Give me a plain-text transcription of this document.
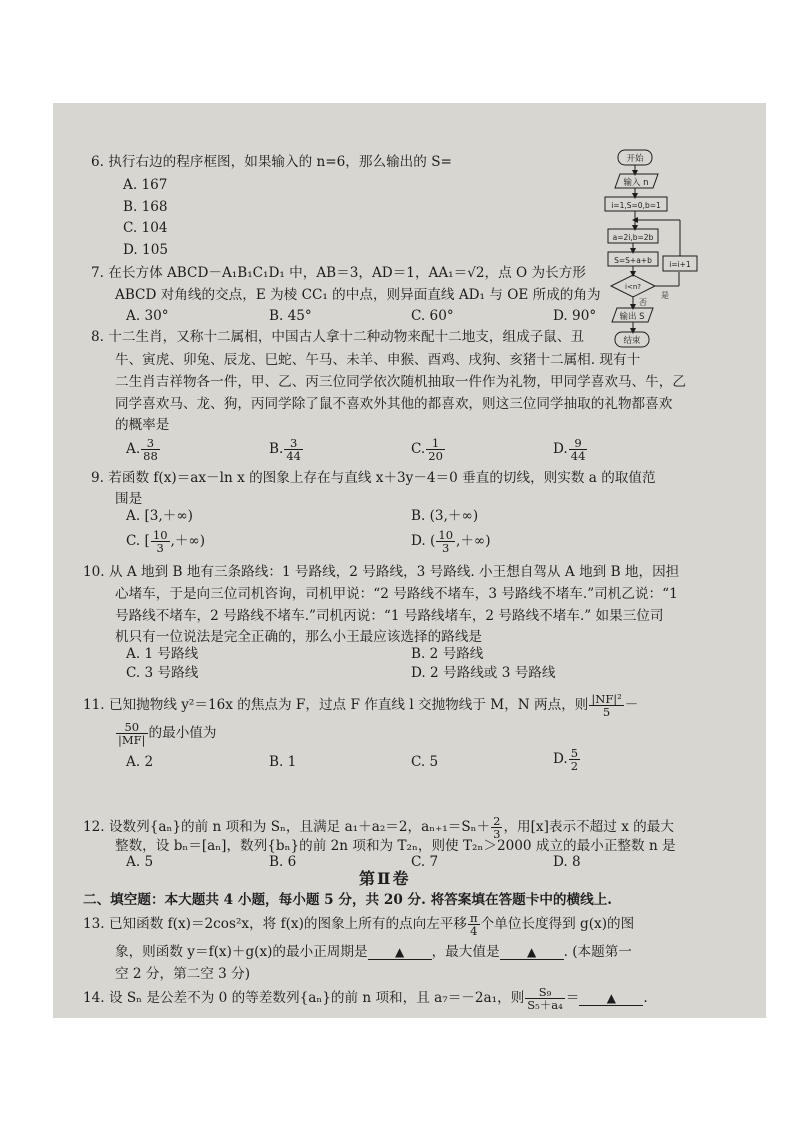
6. 执行右边的程序框图，如果输入的 n=6，那么输出的 S=
A. 167
B. 168
C. 104
D. 105
开始
输入 n
i=1,S=0,b=1
a=2i,b=2b
S=S+a+b i=i+1
i<n?
是
否
输出 S
结束
7. 在长方体 ABCD－A₁B₁C₁D₁ 中，AB＝3，AD＝1，AA₁＝√2，点 O 为长方形
ABCD 对角线的交点，E 为棱 CC₁ 的中点，则异面直线 AD₁ 与 OE 所成的角为
A. 30°	B. 45°	C. 60°	D. 90°
8. 十二生肖，又称十二属相，中国古人拿十二种动物来配十二地支，组成子鼠、丑
牛、寅虎、卯兔、辰龙、巳蛇、午马、未羊、申猴、酉鸡、戌狗、亥猪十二属相. 现有十
二生肖吉祥物各一件，甲、乙、丙三位同学依次随机抽取一件作为礼物，甲同学喜欢马、牛，乙
同学喜欢马、龙、狗，丙同学除了鼠不喜欢外其他的都喜欢，则这三位同学抽取的礼物都喜欢
的概率是
A. $\frac{3}{88}$	B. $\frac{3}{44}$	C. $\frac{1}{20}$	D. $\frac{9}{44}$
9. 若函数 f(x)＝ax－ln x 的图象上存在与直线 x＋3y－4＝0 垂直的切线，则实数 a 的取值范
围是
A. [3,＋∞)	B. (3,＋∞)
C. [ $\frac{10}{3}$ ,＋∞)	D. ( $\frac{10}{3}$ ,＋∞)
10. 从 A 地到 B 地有三条路线：1 号路线，2 号路线，3 号路线. 小王想自驾从 A 地到 B 地，因担
心堵车，于是向三位司机咨询，司机甲说：“2 号路线不堵车，3 号路线不堵车.”司机乙说：“1
号路线不堵车，2 号路线不堵车.”司机丙说：“1 号路线堵车，2 号路线不堵车.” 如果三位司
机只有一位说法是完全正确的，那么小王最应该选择的路线是
A. 1 号路线	B. 2 号路线
C. 3 号路线	D. 2 号路线或 3 号路线
11. 已知抛物线 y²＝16x 的焦点为 F，过点 F 作直线 l 交抛物线于 M，N 两点，则 $\frac{\text{|NF|²}}{5}$ －
$\frac{50}{|MF|}$ 的最小值为
A. 2	B. 1	C. 5	D. $\frac{5}{2}$
12. 设数列{aₙ}的前 n 项和为 Sₙ，且满足 a₁＋a₂＝2，$a_{n+1}=S_n+ \frac{2}{3}$ ，用[x]表示不超过 x 的最大
整数，设 bₙ＝[aₙ]，数列{bₙ}的前 2n 项和为 T₂ₙ，则使 T₂ₙ＞2000 成立的最小正整数 n 是
A. 5	B. 6	C. 7	D. 8
第Ⅱ卷
二、填空题：本大题共 4 小题，每小题 5 分，共 20 分. 将答案填在答题卡中的横线上.
13. 已知函数 f(x)＝2cos²x，将 f(x)的图象上所有的点向左平移 $\frac{\pi}{4}$ 个单位长度得到 g(x)的图
象，则函数 y＝f(x)＋g(x)的最小正周期是 ▲ ，最大值是 ▲ . (本题第一
空 2 分，第二空 3 分)
14. 设 Sₙ 是公差不为 0 的等差数列{aₙ}的前 n 项和，且 a₇＝－2a₁，则 $\frac{\text{S₉}}{\text{S₅＋a₄}}$ ＝ ▲ .
